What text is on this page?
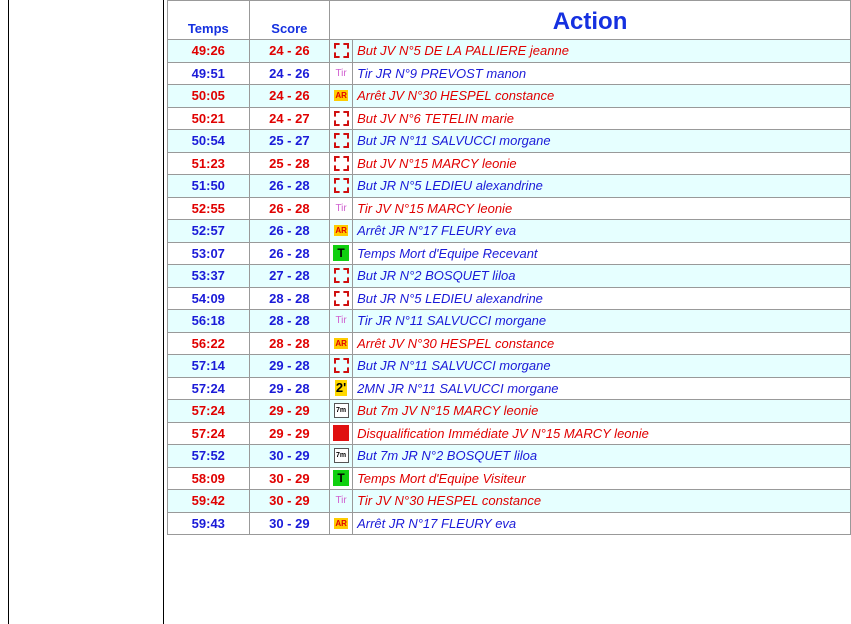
Temps	Score	Action	
49:26	24 - 26		But JV N°5 DE LA PALLIERE jeanne
49:51	24 - 26	Tir	Tir JR N°9 PREVOST manon
50:05	24 - 26	AR	Arrêt JV N°30 HESPEL constance
50:21	24 - 27		But JV N°6 TETELIN marie
50:54	25 - 27		But JR N°11 SALVUCCI morgane
51:23	25 - 28		But JV N°15 MARCY leonie
51:50	26 - 28		But JR N°5 LEDIEU alexandrine
52:55	26 - 28	Tir	Tir JV N°15 MARCY leonie
52:57	26 - 28	AR	Arrêt JR N°17 FLEURY eva
53:07	26 - 28	T	Temps Mort d'Equipe Recevant
53:37	27 - 28		But JR N°2 BOSQUET liloa
54:09	28 - 28		But JR N°5 LEDIEU alexandrine
56:18	28 - 28	Tir	Tir JR N°11 SALVUCCI morgane
56:22	28 - 28	AR	Arrêt JV N°30 HESPEL constance
57:14	29 - 28		But JR N°11 SALVUCCI morgane
57:24	29 - 28	2'	2MN JR N°11 SALVUCCI morgane
57:24	29 - 29	7m	But 7m JV N°15 MARCY leonie
57:24	29 - 29		Disqualification Immédiate JV N°15 MARCY leonie
57:52	30 - 29	7m	But 7m JR N°2 BOSQUET liloa
58:09	30 - 29	T	Temps Mort d'Equipe Visiteur
59:42	30 - 29	Tir	Tir JV N°30 HESPEL constance
59:43	30 - 29	AR	Arrêt JR N°17 FLEURY eva
